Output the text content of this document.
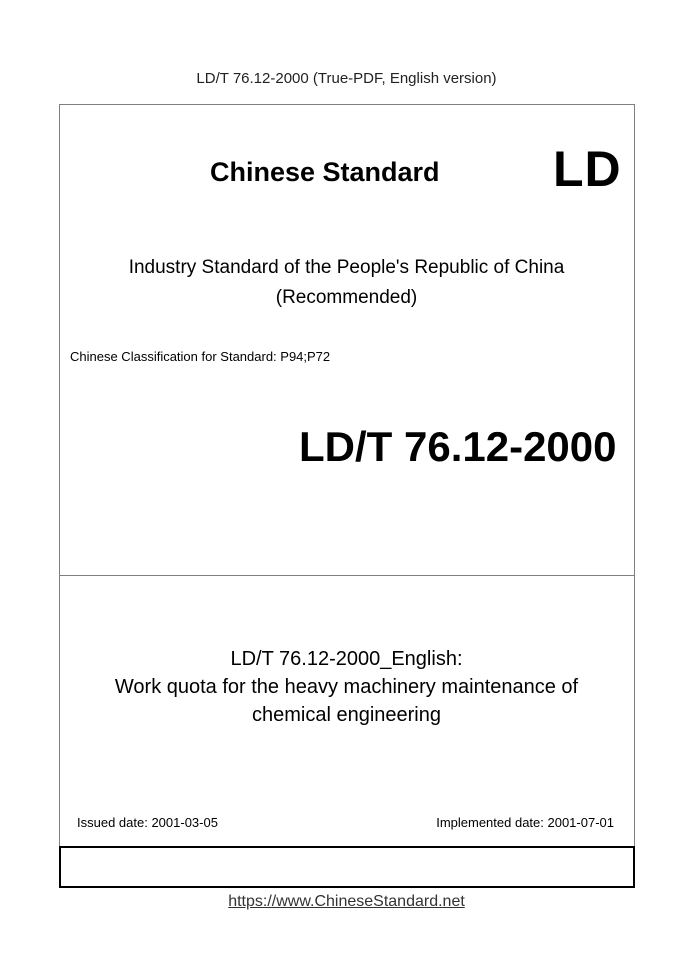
LD/T 76.12-2000 (True-PDF, English version)
Chinese Standard LD
Industry Standard of the People's Republic of China
(Recommended)
Chinese Classification for Standard: P94;P72
LD/T 76.12-2000
LD/T 76.12-2000_English:
Work quota for the heavy machinery maintenance of
chemical engineering
Issued date: 2001-03-05	Implemented date: 2001-07-01
https://www.ChineseStandard.net
